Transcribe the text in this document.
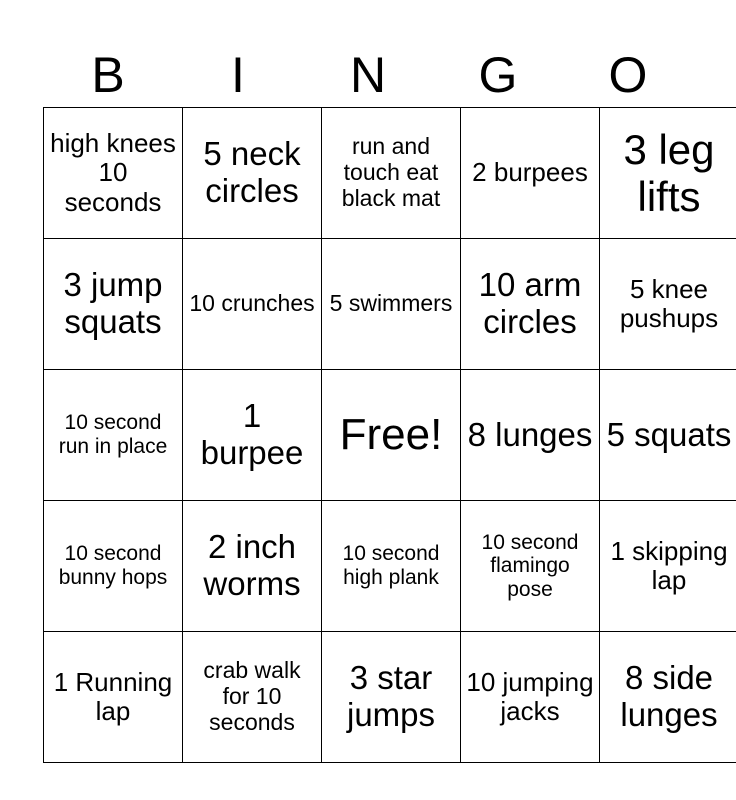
B	I	N	G	O
high knees 10 seconds	5 neck circles	run and touch eat black mat	2 burpees	3 leg lifts
3 jump squats	10 crunches	5 swimmers	10 arm circles	5 knee pushups
10 second run in place	1 burpee	Free!	8 lunges	5 squats
10 second bunny hops	2 inch worms	10 second high plank	10 second flamingo pose	1 skipping lap
1 Running lap	crab walk for 10 seconds	3 star jumps	10 jumping jacks	8 side lunges
